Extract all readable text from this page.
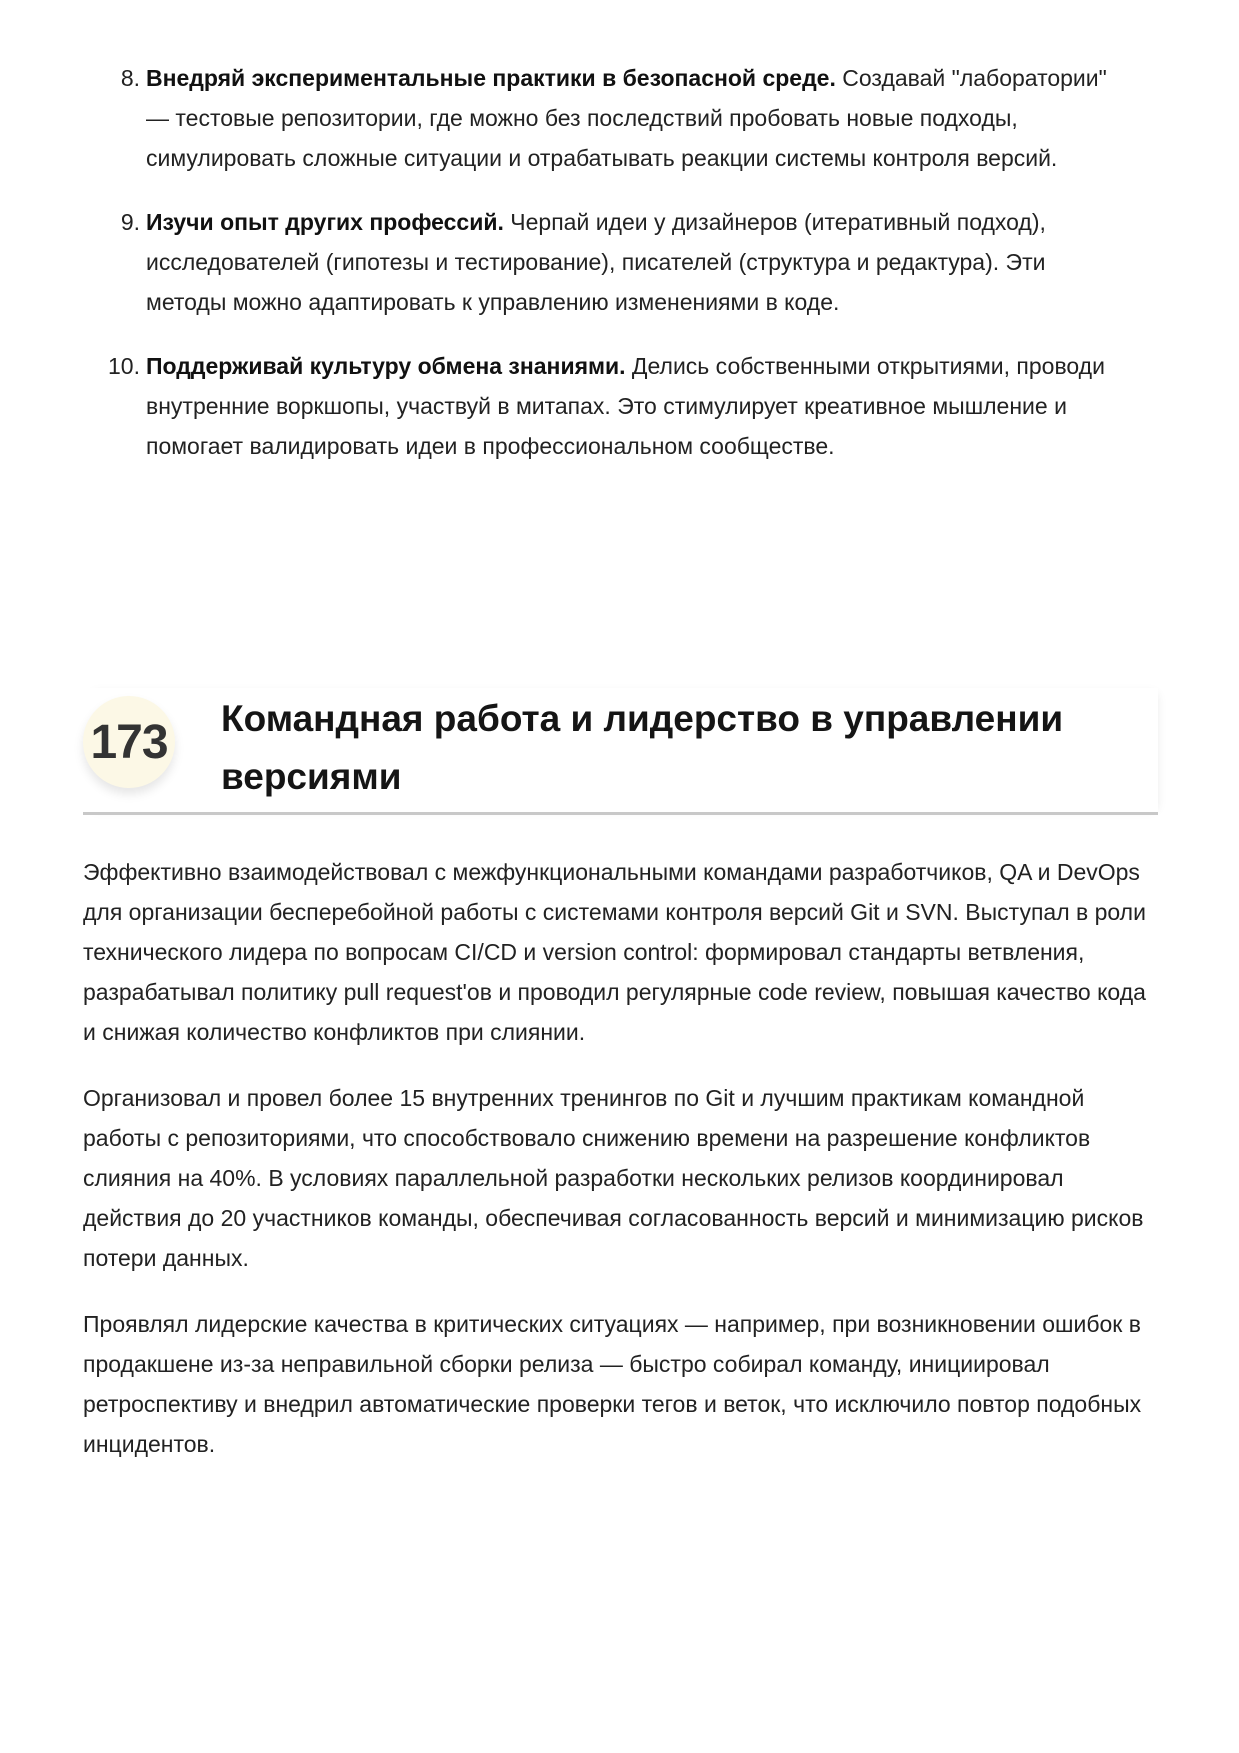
8. Внедряй экспериментальные практики в безопасной среде. Создавай "лаборатории" — тестовые репозитории, где можно без последствий пробовать новые подходы, симулировать сложные ситуации и отрабатывать реакции системы контроля версий.
9. Изучи опыт других профессий. Черпай идеи у дизайнеров (итеративный подход), исследователей (гипотезы и тестирование), писателей (структура и редактура). Эти методы можно адаптировать к управлению изменениями в коде.
10. Поддерживай культуру обмена знаниями. Делись собственными открытиями, проводи внутренние воркшопы, участвуй в митапах. Это стимулирует креативное мышление и помогает валидировать идеи в профессиональном сообществе.
173 Командная работа и лидерство в управлении версиями

Эффективно взаимодействовал с межфункциональными командами разработчиков, QA и DevOps для организации бесперебойной работы с системами контроля версий Git и SVN. Выступал в роли технического лидера по вопросам CI/CD и version control: формировал стандарты ветвления, разрабатывал политику pull request'ов и проводил регулярные code review, повышая качество кода и снижая количество конфликтов при слиянии.

Организовал и провел более 15 внутренних тренингов по Git и лучшим практикам командной работы с репозиториями, что способствовало снижению времени на разрешение конфликтов слияния на 40%. В условиях параллельной разработки нескольких релизов координировал действия до 20 участников команды, обеспечивая согласованность версий и минимизацию рисков потери данных.

Проявлял лидерские качества в критических ситуациях — например, при возникновении ошибок в продакшене из-за неправильной сборки релиза — быстро собирал команду, инициировал ретроспективу и внедрил автоматические проверки тегов и веток, что исключило повтор подобных инцидентов.
